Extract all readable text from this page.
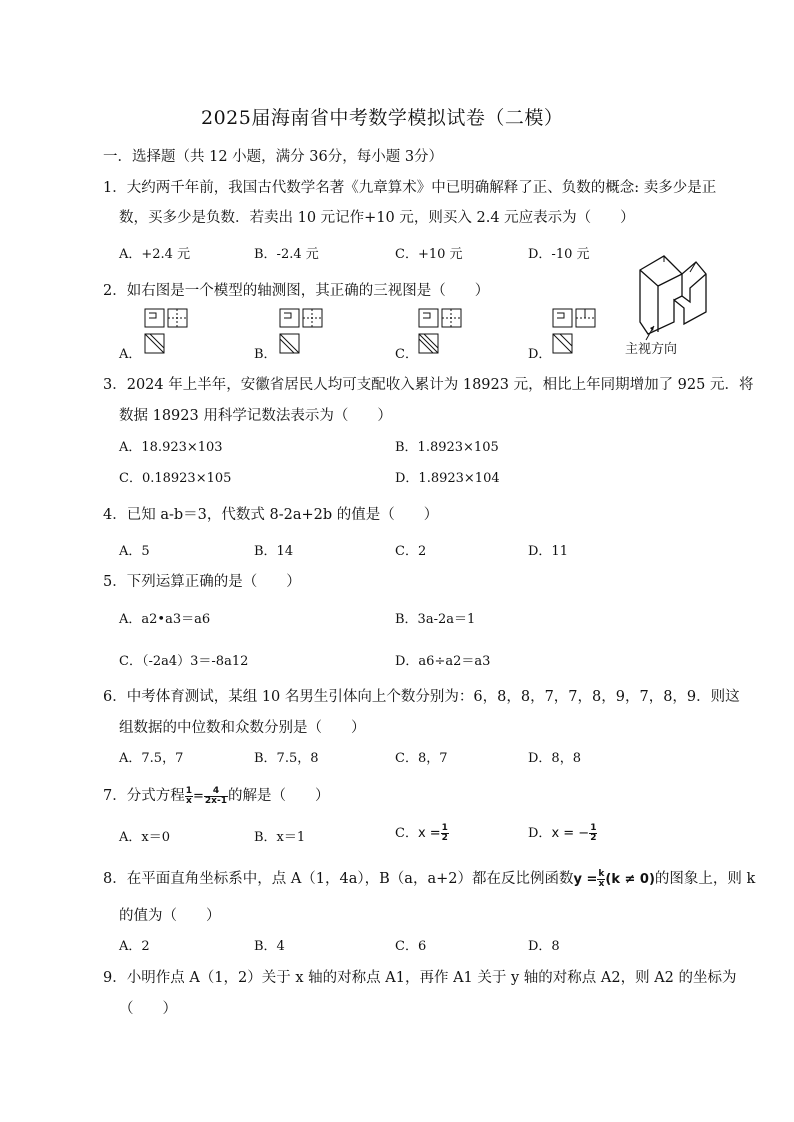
2025届海南省中考数学模拟试卷（二模）
一．选择题（共 12 小题，满分 36分，每小题 3分）
1．大约两千年前，我国古代数学名著《九章算术》中已明确解释了正、负数的概念: 卖多少是正
数，买多少是负数．若卖出 10 元记作+10 元，则买入 2.4 元应表示为（　　）
A．+2.4 元	B．-2.4 元	C．+10 元	D．-10 元
2．如右图是一个模型的轴测图，其正确的三视图是（　　）
A．	B．	C．	D．	主视方向
3．2024 年上半年，安徽省居民人均可支配收入累计为 18923 元，相比上年同期增加了 925 元．将
数据 18923 用科学记数法表示为（　　）
A．18.923×103	B．1.8923×105
C．0.18923×105	D．1.8923×104
4．已知 a-b＝3，代数式 8-2a+2b 的值是（　　）
A．5	B．14	C．2	D．11
5．下列运算正确的是（　　）
A．a2•a3＝a6	B．3a-2a＝1
C．（-2a4）3＝-8a12	D．a6÷a2＝a3
6．中考体育测试，某组 10 名男生引体向上个数分别为：6，8，8，7，7，8，9，7，8，9．则这
组数据的中位数和众数分别是（　　）
A．7.5，7	B．7.5，8	C．8，7	D．8，8
7．分式方程 $\frac{1}{x} = \frac{4}{2x-1}$ 的解是（　　）
A．x＝0	B．x＝1	C．$x = \frac{1}{2}$	D．x = − $\frac{1}{2}$
8．在平面直角坐标系中，点 A（1，4a），B（a，a+2）都在反比例函数$y = \frac{k}{x} (k \ne 0)$的图象上，则 k
的值为（　　）
A．2	B．4	C．6	D．8
9．小明作点 A（1，2）关于 x 轴的对称点 A1，再作 A1 关于 y 轴的对称点 A2，则 A2 的坐标为
（　　）
